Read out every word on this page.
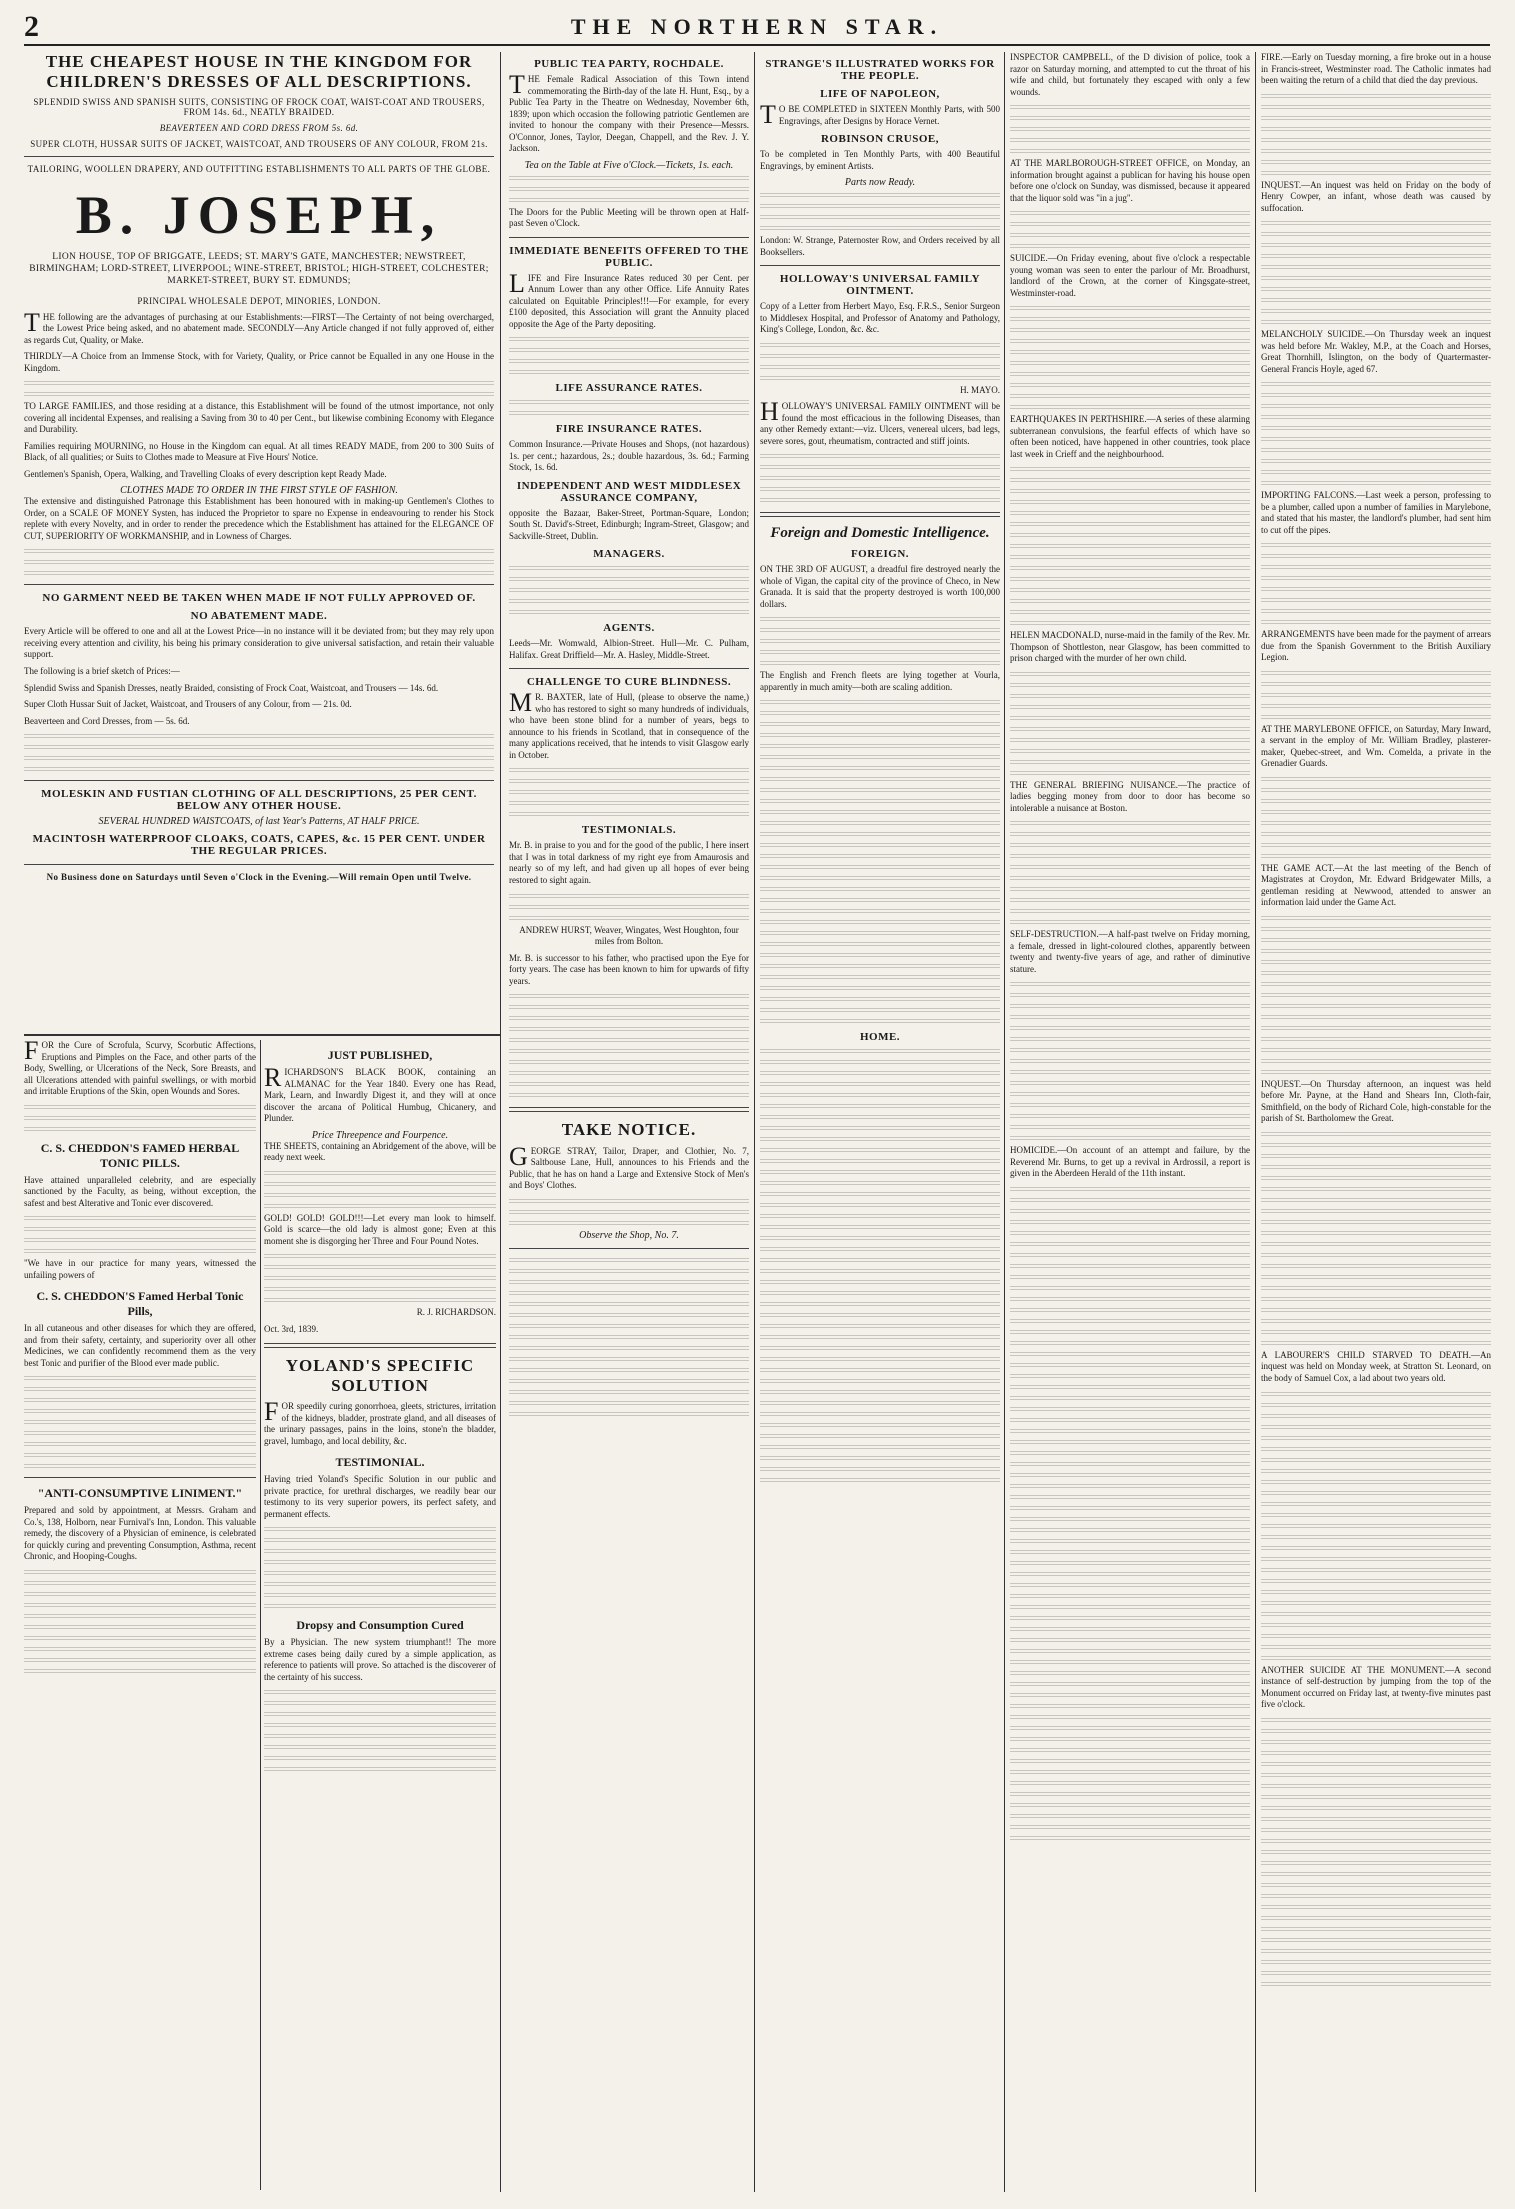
2	THE NORTHERN STAR.
THE CHEAPEST HOUSE IN THE KINGDOM FOR CHILDREN'S DRESSES OF ALL DESCRIPTIONS.
SPLENDID SWISS AND SPANISH SUITS, CONSISTING OF FROCK COAT, WAIST-COAT AND TROUSERS, FROM 14s. 6d., NEATLY BRAIDED.
BEAVERTEEN AND CORD DRESS FROM 5s. 6d.
SUPER CLOTH, HUSSAR SUITS OF JACKET, WAISTCOAT, AND TROUSERS OF ANY COLOUR, FROM 21s.
TAILORING, WOOLLEN DRAPERY, AND OUTFITTING ESTABLISHMENTS TO ALL PARTS OF THE GLOBE.
B. JOSEPH,
LION HOUSE, TOP OF BRIGGATE, LEEDS; ST. MARY'S GATE, MANCHESTER; NEWSTREET, BIRMINGHAM; LORD-STREET, LIVERPOOL; WINE-STREET, BRISTOL; HIGH-STREET, COLCHESTER; MARKET-STREET, BURY ST. EDMUNDS;
PRINCIPAL WHOLESALE DEPOT, MINORIES, LONDON.

THE following are the advantages of purchasing at our Establishments:—FIRST—The Certainty of not being overcharged, the Lowest Price being asked, and no abatement made. SECONDLY—Any Article changed if not fully approved of, either as regards Cut, Quality, or Make.

THIRDLY—A Choice from an Immense Stock, with for Variety, Quality, or Price cannot be Equalled in any one House in the Kingdom.

TO LARGE FAMILIES, and those residing at a distance, this Establishment will be found of the utmost importance, not only covering all incidental Expenses, and realising a Saving from 30 to 40 per Cent., but likewise combining Economy with Elegance and Durability.

Families requiring MOURNING, no House in the Kingdom can equal. At all times READY MADE, from 200 to 300 Suits of Black, of all qualities; or Suits to Clothes made to Measure at Five Hours' Notice.

Gentlemen's Spanish, Opera, Walking, and Travelling Cloaks of every description kept Ready Made.

CLOTHES MADE TO ORDER IN THE FIRST STYLE OF FASHION.

The extensive and distinguished Patronage this Establishment has been honoured with in making-up Gentlemen's Clothes to Order, on a SCALE OF MONEY Systen, has induced the Proprietor to spare no Expense in endeavouring to render his Stock replete with every Novelty, and in order to render the precedence which the Establishment has attained for the ELEGANCE OF CUT, SUPERIORITY OF WORKMANSHIP, and in Lowness of Charges.

NO GARMENT NEED BE TAKEN WHEN MADE IF NOT FULLY APPROVED OF.
NO ABATEMENT MADE.

Every Article will be offered to one and all at the Lowest Price—in no instance will it be deviated from; but they may rely upon receiving every attention and civility, his being his primary consideration to give universal satisfaction, and retain their valuable support.

The following is a brief sketch of Prices:—

Splendid Swiss and Spanish Dresses, neatly Braided, consisting of Frock Coat, Waistcoat, and Trousers — 14s. 6d.

Super Cloth Hussar Suit of Jacket, Waistcoat, and Trousers of any Colour, from — 21s. 0d.

Beaverteen and Cord Dresses, from — 5s. 6d.

MOLESKIN AND FUSTIAN CLOTHING OF ALL DESCRIPTIONS, 25 PER CENT. BELOW ANY OTHER HOUSE.
SEVERAL HUNDRED WAISTCOATS, of last Year's Patterns, AT HALF PRICE.
MACINTOSH WATERPROOF CLOAKS, COATS, CAPES, &c. 15 PER CENT. UNDER THE REGULAR PRICES.
No Business done on Saturdays until Seven o'Clock in the Evening.—Will remain Open until Twelve.

FOR the Cure of Scrofula, Scurvy, Scorbutic Affections, Eruptions and Pimples on the Face, and other parts of the Body, Swelling, or Ulcerations of the Neck, Sore Breasts, and all Ulcerations attended with painful swellings, or with morbid and irritable Eruptions of the Skin, open Wounds and Sores.

C. S. CHEDDON'S FAMED HERBAL TONIC PILLS.

Have attained unparalleled celebrity, and are especially sanctioned by the Faculty, as being, without exception, the safest and best Alterative and Tonic ever discovered.

"We have in our practice for many years, witnessed the unfailing powers of

C. S. CHEDDON'S Famed Herbal Tonic Pills,

In all cutaneous and other diseases for which they are offered, and from their safety, certainty, and superiority over all other Medicines, we can confidently recommend them as the very best Tonic and purifier of the Blood ever made public.

"ANTI-CONSUMPTIVE LINIMENT."

Prepared and sold by appointment, at Messrs. Graham and Co.'s, 138, Holborn, near Furnival's Inn, London. This valuable remedy, the discovery of a Physician of eminence, is celebrated for quickly curing and preventing Consumption, Asthma, recent Chronic, and Hooping-Coughs.

JUST PUBLISHED,

RICHARDSON'S BLACK BOOK, containing an ALMANAC for the Year 1840. Every one has Read, Mark, Learn, and Inwardly Digest it, and they will at once discover the arcana of Political Humbug, Chicanery, and Plunder.

Price Threepence and Fourpence.

THE SHEETS, containing an Abridgement of the above, will be ready next week.

GOLD! GOLD! GOLD!!!—Let every man look to himself. Gold is scarce—the old lady is almost gone; Even at this moment she is disgorging her Three and Four Pound Notes.

R. J. RICHARDSON.

Oct. 3rd, 1839.

YOLAND'S SPECIFIC SOLUTION

FOR speedily curing gonorrhoea, gleets, strictures, irritation of the kidneys, bladder, prostrate gland, and all diseases of the urinary passages, pains in the loins, stone'n the bladder, gravel, lumbago, and local debility, &c.

TESTIMONIAL.

Having tried Yoland's Specific Solution in our public and private practice, for urethral discharges, we readily bear our testimony to its very superior powers, its perfect safety, and permanent effects.

Dropsy and Consumption Cured

By a Physician. The new system triumphant!! The more extreme cases being daily cured by a simple application, as reference to patients will prove. So attached is the discoverer of the certainty of his success.

PUBLIC TEA PARTY, ROCHDALE.

THE Female Radical Association of this Town intend commemorating the Birth-day of the late H. Hunt, Esq., by a Public Tea Party in the Theatre on Wednesday, November 6th, 1839; upon which occasion the following patriotic Gentlemen are invited to honour the company with their Presence—Messrs. O'Connor, Jones, Taylor, Deegan, Chappell, and the Rev. J. Y. Jackson.

Tea on the Table at Five o'Clock.—Tickets, 1s. each.

The Doors for the Public Meeting will be thrown open at Half-past Seven o'Clock.

IMMEDIATE BENEFITS OFFERED TO THE PUBLIC.

LIFE and Fire Insurance Rates reduced 30 per Cent. per Annum Lower than any other Office. Life Annuity Rates calculated on Equitable Principles!!!—For example, for every £100 deposited, this Association will grant the Annuity placed opposite the Age of the Party depositing.

LIFE ASSURANCE RATES.
FIRE INSURANCE RATES.

Common Insurance.—Private Houses and Shops, (not hazardous) 1s. per cent.; hazardous, 2s.; double hazardous, 3s. 6d.; Farming Stock, 1s. 6d.

INDEPENDENT AND WEST MIDDLESEX ASSURANCE COMPANY,

opposite the Bazaar, Baker-Street, Portman-Square, London; South St. David's-Street, Edinburgh; Ingram-Street, Glasgow; and Sackville-Street, Dublin.

MANAGERS.
AGENTS.

Leeds—Mr. Womwald, Albion-Street. Hull—Mr. C. Pulham, Halifax. Great Driffield—Mr. A. Hasley, Middle-Street.

CHALLENGE TO CURE BLINDNESS.

MR. BAXTER, late of Hull, (please to observe the name,) who has restored to sight so many hundreds of individuals, who have been stone blind for a number of years, begs to announce to his friends in Scotland, that in consequence of the many applications received, that he intends to visit Glasgow early in October.

TESTIMONIALS.

Mr. B. in praise to you and for the good of the public, I here insert that I was in total darkness of my right eye from Amaurosis and nearly so of my left, and had given up all hopes of ever being restored to sight again.

ANDREW HURST, Weaver, Wingates, West Houghton, four miles from Bolton.

Mr. B. is successor to his father, who practised upon the Eye for forty years. The case has been known to him for upwards of fifty years.

TAKE NOTICE.

GEORGE STRAY, Tailor, Draper, and Clothier, No. 7, Saltbouse Lane, Hull, announces to his Friends and the Public, that he has on hand a Large and Extensive Stock of Men's and Boys' Clothes.

Observe the Shop, No. 7.
STRANGE'S ILLUSTRATED WORKS FOR THE PEOPLE.
LIFE OF NAPOLEON,

TO BE COMPLETED in SIXTEEN Monthly Parts, with 500 Engravings, after Designs by Horace Vernet.

ROBINSON CRUSOE,

To be completed in Ten Monthly Parts, with 400 Beautiful Engravings, by eminent Artists.

Parts now Ready.

London: W. Strange, Paternoster Row, and Orders received by all Booksellers.

HOLLOWAY'S UNIVERSAL FAMILY OINTMENT.

Copy of a Letter from Herbert Mayo, Esq. F.R.S., Senior Surgeon to Middlesex Hospital, and Professor of Anatomy and Pathology, King's College, London, &c. &c.

H. MAYO.

HOLLOWAY'S UNIVERSAL FAMILY OINTMENT will be found the most efficacious in the following Diseases, than any other Remedy extant:—viz. Ulcers, venereal ulcers, bad legs, severe sores, gout, rheumatism, contracted and stiff joints.

Foreign and Domestic Intelligence.
FOREIGN.

ON THE 3RD OF AUGUST, a dreadful fire destroyed nearly the whole of Vigan, the capital city of the province of Checo, in New Granada. It is said that the property destroyed is worth 100,000 dollars.

The English and French fleets are lying together at Vourla, apparently in much amity—both are scaling addition.

HOME.

INSPECTOR CAMPBELL, of the D division of police, took a razor on Saturday morning, and attempted to cut the throat of his wife and child, but fortunately they escaped with only a few wounds.

AT THE MARLBOROUGH-STREET OFFICE, on Monday, an information brought against a publican for having his house open before one o'clock on Sunday, was dismissed, because it appeared that the liquor sold was "in a jug".

SUICIDE.—On Friday evening, about five o'clock a respectable young woman was seen to enter the parlour of Mr. Broadhurst, landlord of the Crown, at the corner of Kingsgate-street, Westminster-road.

EARTHQUAKES IN PERTHSHIRE.—A series of these alarming subterranean convulsions, the fearful effects of which have so often been noticed, have happened in other countries, took place last week in Crieff and the neighbourhood.

HELEN MACDONALD, nurse-maid in the family of the Rev. Mr. Thompson of Shottleston, near Glasgow, has been committed to prison charged with the murder of her own child.

THE GENERAL BRIEFING NUISANCE.—The practice of ladies begging money from door to door has become so intolerable a nuisance at Boston.

SELF-DESTRUCTION.—A half-past twelve on Friday morning, a female, dressed in light-coloured clothes, apparently between twenty and twenty-five years of age, and rather of diminutive stature.

HOMICIDE.—On account of an attempt and failure, by the Reverend Mr. Burns, to get up a revival in Ardrossil, a report is given in the Aberdeen Herald of the 11th instant.

FIRE.—Early on Tuesday morning, a fire broke out in a house in Francis-street, Westminster road. The Catholic inmates had been waiting the return of a child that died the day previous.

INQUEST.—An inquest was held on Friday on the body of Henry Cowper, an infant, whose death was caused by suffocation.

MELANCHOLY SUICIDE.—On Thursday week an inquest was held before Mr. Wakley, M.P., at the Coach and Horses, Great Thornhill, Islington, on the body of Quartermaster-General Francis Hoyle, aged 67.

IMPORTING FALCONS.—Last week a person, professing to be a plumber, called upon a number of families in Marylebone, and stated that his master, the landlord's plumber, had sent him to cut off the pipes.

ARRANGEMENTS have been made for the payment of arrears due from the Spanish Government to the British Auxiliary Legion.

AT THE MARYLEBONE OFFICE, on Saturday, Mary Inward, a servant in the employ of Mr. William Bradley, plasterer-maker, Quebec-street, and Wm. Comelda, a private in the Grenadier Guards.

THE GAME ACT.—At the last meeting of the Bench of Magistrates at Croydon, Mr. Edward Bridgewater Mills, a gentleman residing at Newwood, attended to answer an information laid under the Game Act.

INQUEST.—On Thursday afternoon, an inquest was held before Mr. Payne, at the Hand and Shears Inn, Cloth-fair, Smithfield, on the body of Richard Cole, high-constable for the parish of St. Bartholomew the Great.

A LABOURER'S CHILD STARVED TO DEATH.—An inquest was held on Monday week, at Stratton St. Leonard, on the body of Samuel Cox, a lad about two years old.

ANOTHER SUICIDE AT THE MONUMENT.—A second instance of self-destruction by jumping from the top of the Monument occurred on Friday last, at twenty-five minutes past five o'clock.
